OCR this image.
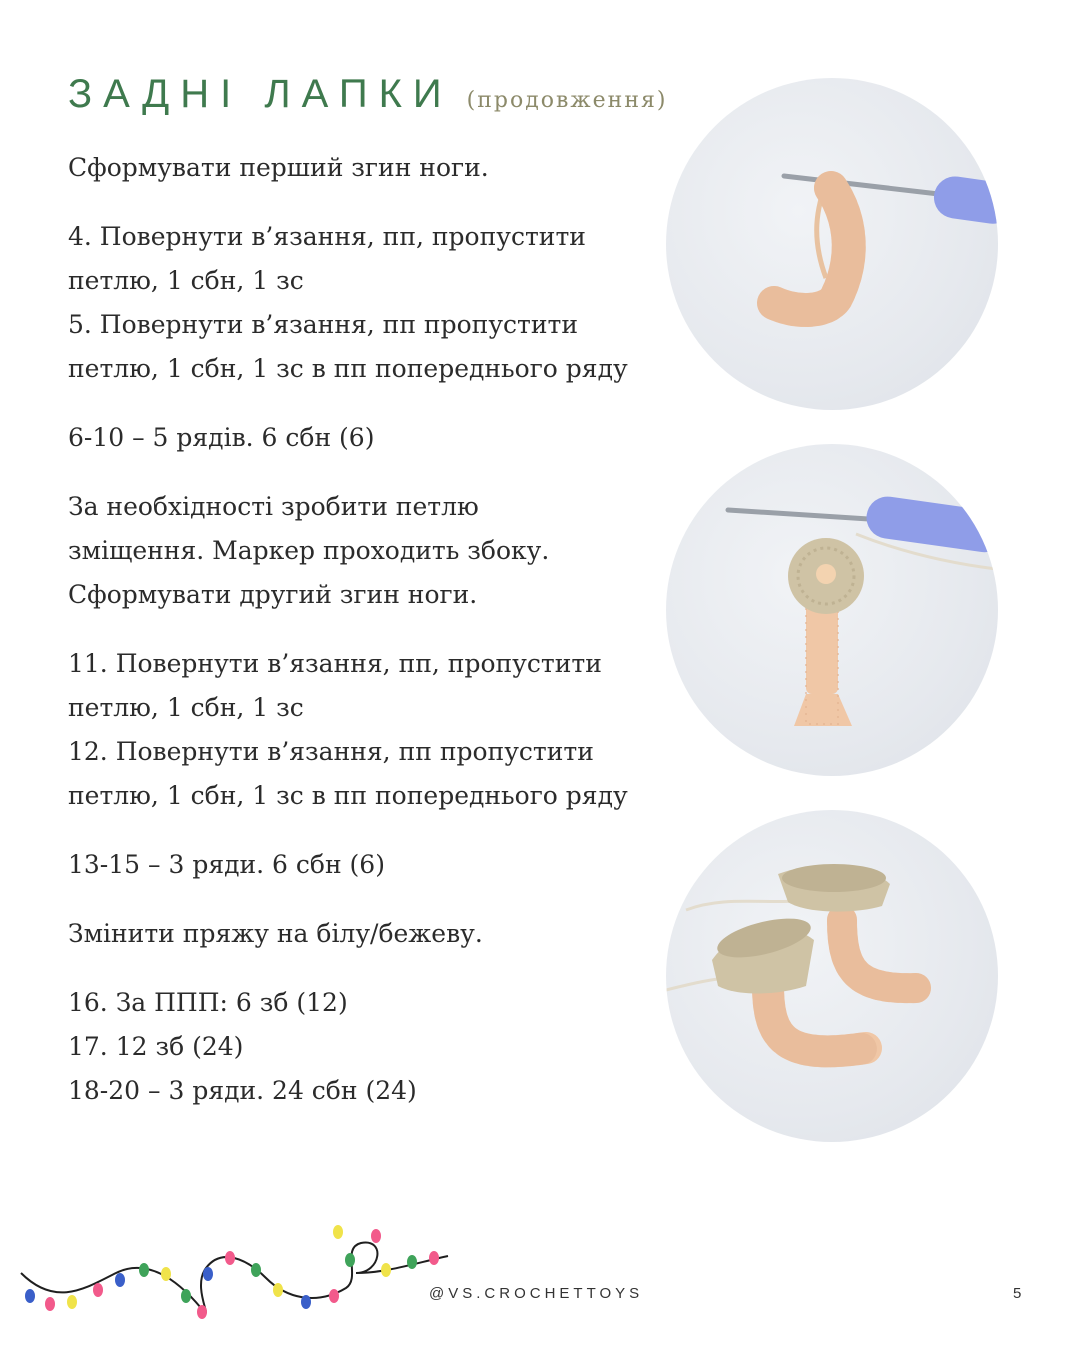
ЗАДНІ ЛАПКИ (продовження)

Сформувати перший згин ноги.

4. Повернути в’язання, пп, пропустити
петлю, 1 сбн, 1 зс
5. Повернути в’язання, пп пропустити
петлю, 1 сбн, 1 зс в пп попереднього ряду

6-10 – 5 рядів. 6 сбн (6)

За необхідності зробити петлю
зміщення. Маркер проходить збоку.
Сформувати другий згин ноги.

11. Повернути в’язання, пп, пропустити
петлю, 1 сбн, 1 зс
12. Повернути в’язання, пп пропустити
петлю, 1 сбн, 1 зс в пп попереднього ряду

13-15 – 3 ряди. 6 сбн (6)

Змінити пряжу на білу/бежеву.

16. За ППП: 6 зб (12)
17. 12 зб (24)
18-20 – 3 ряди. 24 сбн (24)

@VS.CROCHETTOYS	5
